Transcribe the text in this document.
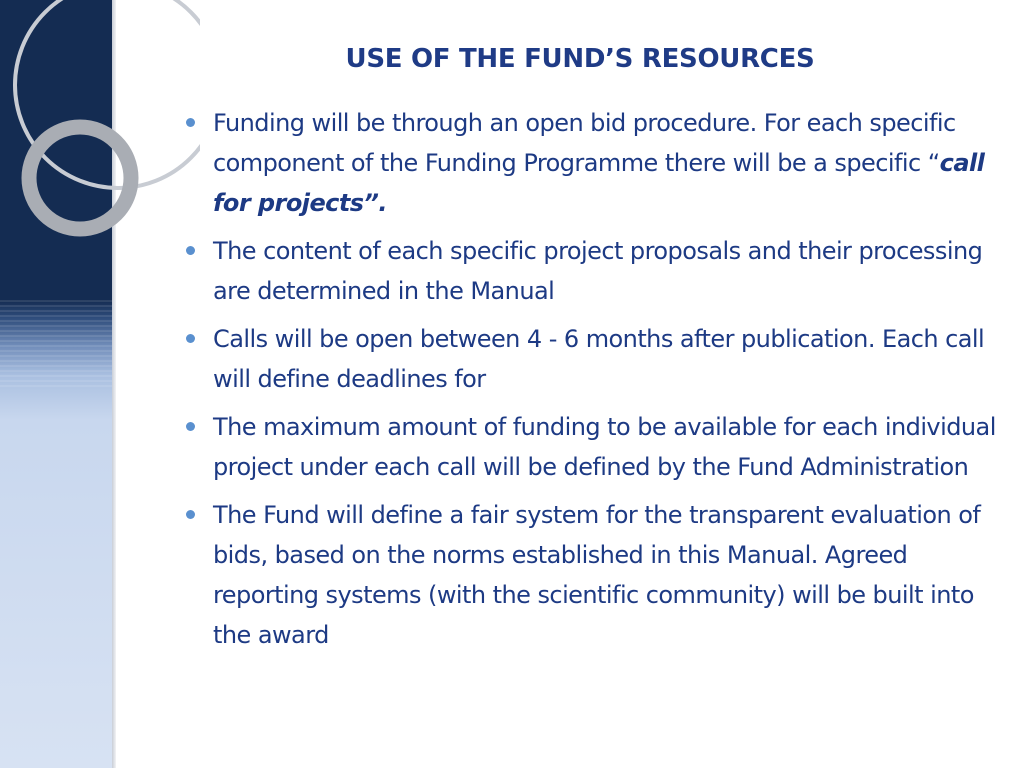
USE OF THE FUND’S RESOURCES
Funding will be through an open bid procedure. For each specific component of the Funding Programme there will be a specific “call for projects”.
The content of each specific project proposals and their processing are determined in the Manual
Calls will be open between 4 - 6 months after publication. Each call will define deadlines for
The maximum amount of funding to be available for each individual project under each call will be defined by the Fund Administration
The Fund will define a fair system for the transparent evaluation of bids, based on the norms established in this Manual. Agreed reporting systems (with the scientific community) will be built into the award
